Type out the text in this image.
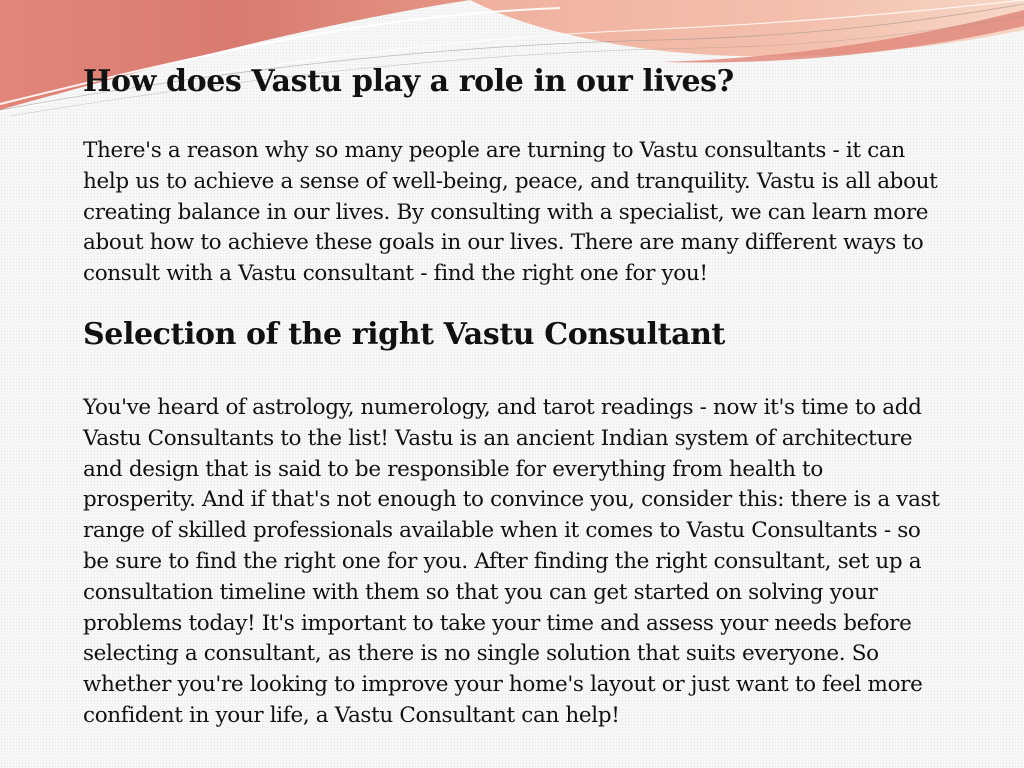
How does Vastu play a role in our lives?

There's a reason why so many people are turning to Vastu consultants - it can
help us to achieve a sense of well-being, peace, and tranquility. Vastu is all about
creating balance in our lives. By consulting with a specialist, we can learn more
about how to achieve these goals in our lives. There are many different ways to
consult with a Vastu consultant - find the right one for you!

Selection of the right Vastu Consultant

You've heard of astrology, numerology, and tarot readings - now it's time to add
Vastu Consultants to the list! Vastu is an ancient Indian system of architecture
and design that is said to be responsible for everything from health to
prosperity. And if that's not enough to convince you, consider this: there is a vast
range of skilled professionals available when it comes to Vastu Consultants - so
be sure to find the right one for you. After finding the right consultant, set up a
consultation timeline with them so that you can get started on solving your
problems today! It's important to take your time and assess your needs before
selecting a consultant, as there is no single solution that suits everyone. So
whether you're looking to improve your home's layout or just want to feel more
confident in your life, a Vastu Consultant can help!
